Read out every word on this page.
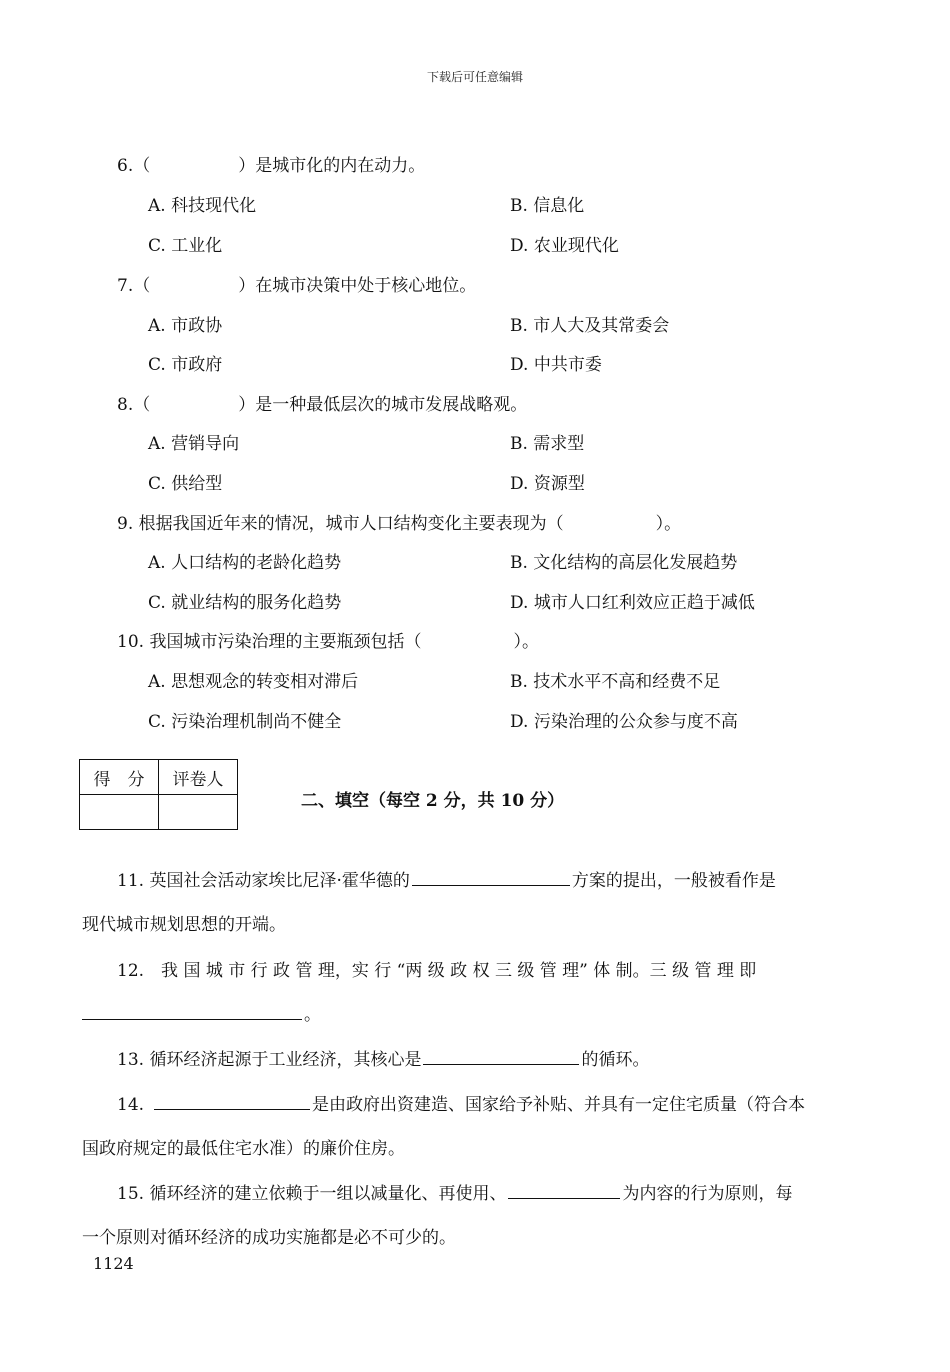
下载后可任意编辑
6.（	）是城市化的内在动力。
A. 科技现代化	B. 信息化
C. 工业化	D. 农业现代化
7.（	）在城市决策中处于核心地位。
A. 市政协	B. 市人大及其常委会
C. 市政府	D. 中共市委
8.（	）是一种最低层次的城市发展战略观。
A. 营销导向	B. 需求型
C. 供给型	D. 资源型
9. 根据我国近年来的情况，城市人口结构变化主要表现为（	）。
A. 人口结构的老龄化趋势	B. 文化结构的高层化发展趋势
C. 就业结构的服务化趋势	D. 城市人口红利效应正趋于减低
10. 我国城市污染治理的主要瓶颈包括（	）。
A. 思想观念的转变相对滞后	B. 技术水平不高和经费不足
C. 污染治理机制尚不健全	D. 污染治理的公众参与度不高
得　分	评卷人

二、填空（每空 2 分，共 10 分）
11. 英国社会活动家埃比尼泽·霍华德的	方案的提出，一般被看作是
现代城市规划思想的开端。
12.　我 国 城 市 行 政 管 理，实 行 “两 级 政 权 三 级 管 理” 体 制。三 级 管 理 即
。
13. 循环经济起源于工业经济，其核心是	的循环。
14.	是由政府出资建造、国家给予补贴、并具有一定住宅质量（符合本
国政府规定的最低住宅水准）的廉价住房。
15. 循环经济的建立依赖于一组以减量化、再使用、	为内容的行为原则，每
一个原则对循环经济的成功实施都是必不可少的。
1124
